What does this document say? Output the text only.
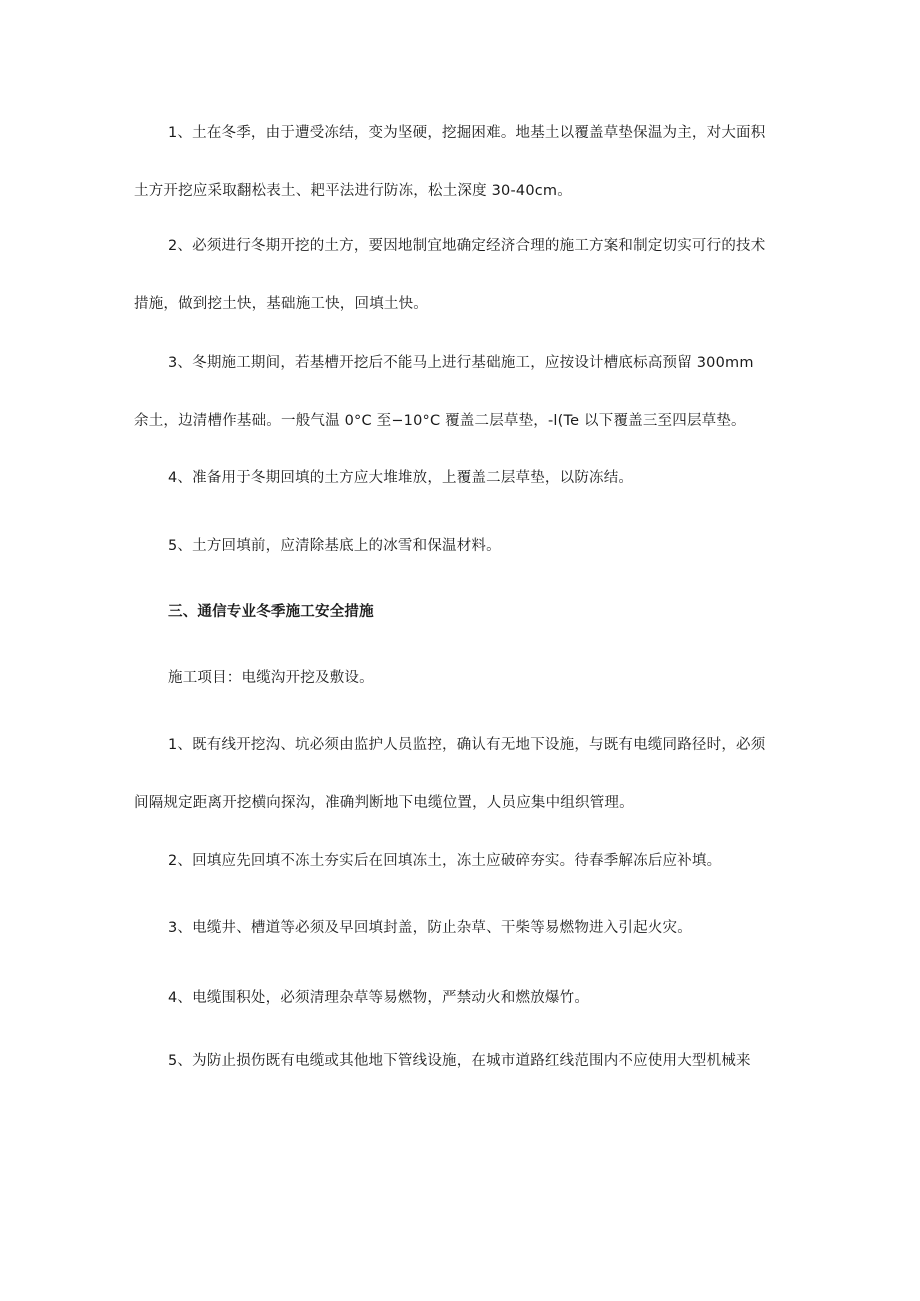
1、土在冬季，由于遭受冻结，变为坚硬，挖掘困难。地基土以覆盖草垫保温为主，对大面积
土方开挖应采取翻松表土、耙平法进行防冻，松土深度 30-40cm。
2、必须进行冬期开挖的土方，要因地制宜地确定经济合理的施工方案和制定切实可行的技术
措施，做到挖土快，基础施工快，回填土快。
3、冬期施工期间，若基槽开挖后不能马上进行基础施工，应按设计槽底标高预留 300mm
余土，边清槽作基础。一般气温 0°C 至−10°C 覆盖二层草垫，-l(Te 以下覆盖三至四层草垫。
4、准备用于冬期回填的土方应大堆堆放，上覆盖二层草垫，以防冻结。
5、土方回填前，应清除基底上的冰雪和保温材料。
三、通信专业冬季施工安全措施
施工项目：电缆沟开挖及敷设。
1、既有线开挖沟、坑必须由监护人员监控，确认有无地下设施，与既有电缆同路径时，必须
间隔规定距离开挖横向探沟，准确判断地下电缆位置，人员应集中组织管理。
2、回填应先回填不冻土夯实后在回填冻土，冻土应破碎夯实。待春季解冻后应补填。
3、电缆井、槽道等必须及早回填封盖，防止杂草、干柴等易燃物进入引起火灾。
4、电缆围积处，必须清理杂草等易燃物，严禁动火和燃放爆竹。
5、为防止损伤既有电缆或其他地下管线设施，在城市道路红线范围内不应使用大型机械来
